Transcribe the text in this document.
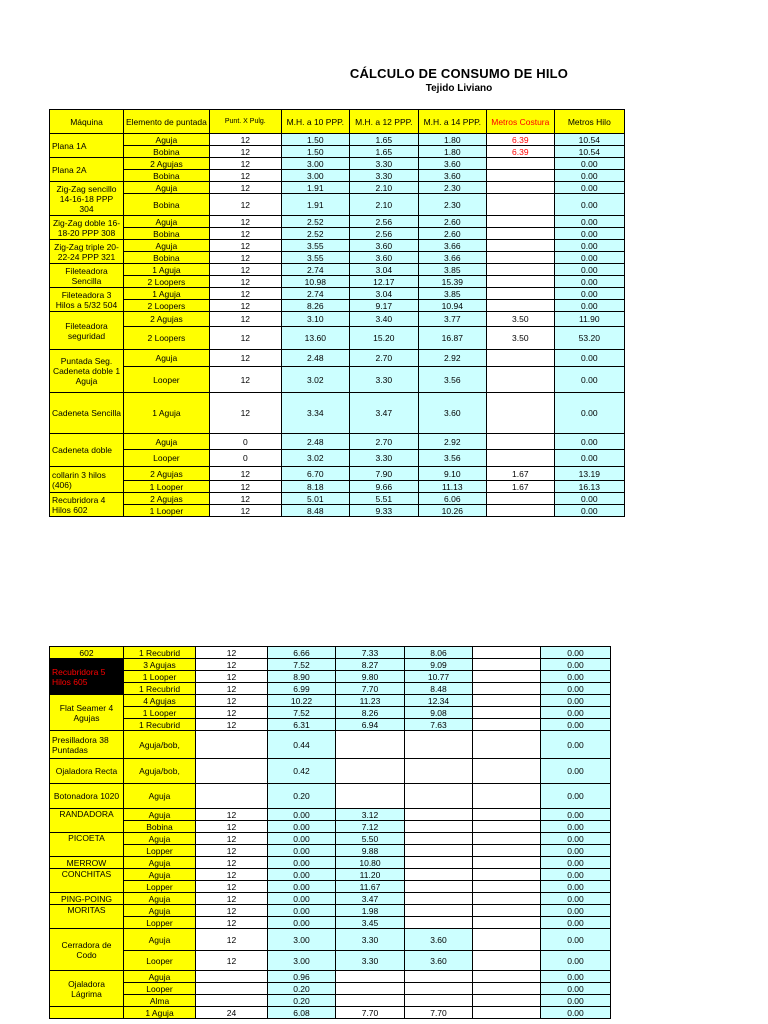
CÁLCULO DE CONSUMO DE HILO
Tejido Liviano
Máquina	Elemento de puntada	Punt. X Pulg.	M.H. a 10 PPP.	M.H. a 12 PPP.	M.H. a 14 PPP.	Metros Costura	Metros Hilo
Plana 1A	Aguja	12	1.50	1.65	1.80	6.39	10.54
	Bobina	12	1.50	1.65	1.80	6.39	10.54
Plana 2A	2 Agujas	12	3.00	3.30	3.60		0.00
	Bobina	12	3.00	3.30	3.60		0.00
Zig-Zag sencillo 14-16-18 PPP 304	Aguja	12	1.91	2.10	2.30		0.00
	Bobina	12	1.91	2.10	2.30		0.00
Zig-Zag doble 16-18-20 PPP 308	Aguja	12	2.52	2.56	2.60		0.00
	Bobina	12	2.52	2.56	2.60		0.00
Zig-Zag triple 20-22-24 PPP 321	Aguja	12	3.55	3.60	3.66		0.00
	Bobina	12	3.55	3.60	3.66		0.00
Fileteadora Sencilla	1 Aguja	12	2.74	3.04	3.85		0.00
	2 Loopers	12	10.98	12.17	15.39		0.00
Fileteadora 3 Hilos a 5/32 504	1 Aguja	12	2.74	3.04	3.85		0.00
	2 Loopers	12	8.26	9.17	10.94		0.00
Fileteadora seguridad	2 Agujas	12	3.10	3.40	3.77	3.50	11.90
	2 Loopers	12	13.60	15.20	16.87	3.50	53.20
Puntada Seg. Cadeneta doble 1 Aguja	Aguja	12	2.48	2.70	2.92		0.00
	Looper	12	3.02	3.30	3.56		0.00
Cadeneta Sencilla	1 Aguja	12	3.34	3.47	3.60		0.00
Cadeneta doble	Aguja	0	2.48	2.70	2.92		0.00
	Looper	0	3.02	3.30	3.56		0.00
collarin 3 hilos (406)	2 Agujas	12	6.70	7.90	9.10	1.67	13.19
	1 Looper	12	8.18	9.66	11.13	1.67	16.13
Recubridora 4 Hilos 602	2 Agujas	12	5.01	5.51	6.06		0.00
	1 Looper	12	8.48	9.33	10.26		0.00
602	1 Recubrid	12	6.66	7.33	8.06		0.00
Recubridora 5 Hilos 605	3 Agujas	12	7.52	8.27	9.09		0.00
	1 Looper	12	8.90	9.80	10.77		0.00
	1 Recubrid	12	6.99	7.70	8.48		0.00
Flat Seamer 4 Agujas	4 Agujas	12	10.22	11.23	12.34		0.00
	1 Looper	12	7.52	8.26	9.08		0.00
	1 Recubrid	12	6.31	6.94	7.63		0.00
Presilladora 38 Puntadas	Aguja/bob,		0.44				0.00
Ojaladora Recta	Aguja/bob,		0.42				0.00
Botonadora 1020	Aguja		0.20				0.00
RANDADORA	Aguja	12	0.00	3.12			0.00
	Bobina	12	0.00	7.12			0.00
PICOETA	Aguja	12	0.00	5.50			0.00
	Lopper	12	0.00	9.88			0.00
MERROW	Aguja	12	0.00	10.80			0.00
CONCHITAS	Aguja	12	0.00	11.20			0.00
	Lopper	12	0.00	11.67			0.00
PING-POING	Aguja	12	0.00	3.47			0.00
MORITAS	Aguja	12	0.00	1.98			0.00
	Lopper	12	0.00	3.45			0.00
Cerradora de Codo	Aguja	12	3.00	3.30	3.60		0.00
	Looper	12	3.00	3.30	3.60		0.00
Ojaladora Lágrima	Aguja		0.96				0.00
	Looper		0.20				0.00
	Alma		0.20				0.00
	1 Aguja	24	6.08	7.70	7.70		0.00
